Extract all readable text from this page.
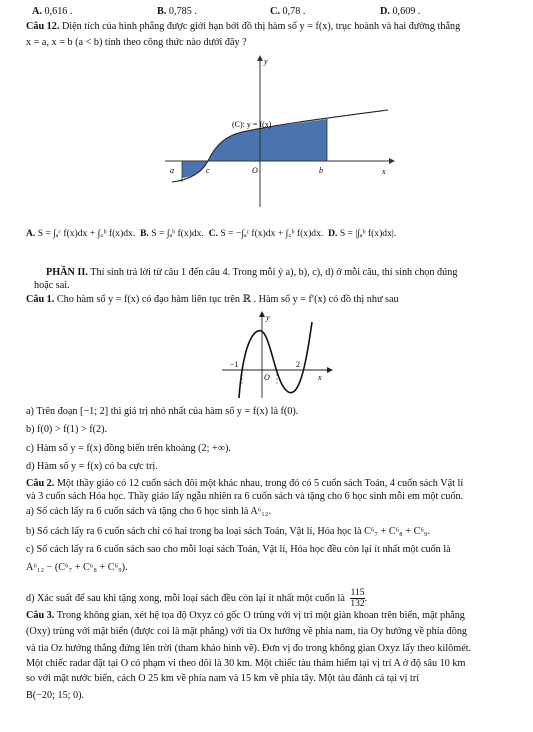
A. 0,616 .	B. 0,785 .	C. 0,78 .	D. 0,609 .
Câu 12. Diện tích của hình phẳng được giới hạn bởi đồ thị hàm số y = f(x), trục hoành và hai đường thẳng
x = a, x = b (a < b) tính theo công thức nào dưới đây ?
y
x
(C): y = f(x)
a	c	O	b
A. S = ∫ₐᶜ f(x)dx + ∫꜀ᵇ f(x)dx. B. S = ∫ₐᵇ f(x)dx. C. S = −∫ₐᶜ f(x)dx + ∫꜀ᵇ f(x)dx. D. S = |∫ₐᵇ f(x)dx|.
PHẦN II. Thí sinh trả lời từ câu 1 đến câu 4. Trong mỗi ý a), b), c), d) ở mỗi câu, thí sinh chọn đúng
hoặc sai.
Câu 1. Cho hàm số y = f(x) có đạo hàm liên tục trên ℝ . Hàm số y = f′(x) có đồ thị như sau
−1	2
O
y
x
a) Trên đoạn [−1; 2] thì giá trị nhỏ nhất của hàm số y = f(x) là f(0).
b) f(0) > f(1) > f(2).
c) Hàm số y = f(x) đồng biến trên khoảng (2; +∞).
d) Hàm số y = f(x) có ba cực trị.
Câu 2. Một thầy giáo có 12 cuốn sách đôi một khác nhau, trong đó có 5 cuốn sách Toán, 4 cuốn sách Vật lí
và 3 cuốn sách Hóa học. Thầy giáo lấy ngẫu nhiên ra 6 cuốn sách và tặng cho 6 học sinh mỗi em một cuốn.
a) Số cách lấy ra 6 cuốn sách và tặng cho 6 học sinh là A⁶₁₂.
b) Số cách lấy ra 6 cuốn sách chỉ có hai trong ba loại sách Toán, Vật lí, Hóa học là C⁶₇ + C⁶₈ + C⁶₉.
c) Số cách lấy ra 6 cuốn sách sao cho mỗi loại sách Toán, Vật lí, Hóa học đều còn lại ít nhất một cuốn là
A⁶₁₂ − (C⁶₇ + C⁶₈ + C⁶₉).
d) Xác suất để sau khi tặng xong, mỗi loại sách đều còn lại ít nhất một cuốn là $\frac{115}{132}$ .
Câu 3. Trong không gian, xét hệ tọa độ Oxyz có gốc O trùng với vị trí một giàn khoan trên biển, mặt phẳng
(Oxy) trùng với mặt biển (được coi là mặt phẳng) với tia Ox hướng về phía nam, tia Oy hướng về phía đông
và tia Oz hướng thẳng đứng lên trời (tham khảo hình vẽ). Đơn vị đo trong không gian Oxyz lấy theo kilômét.
Một chiếc radar đặt tại O có phạm vi theo dõi là 30 km. Một chiếc tàu thám hiểm tại vị trí A ở độ sâu 10 km
so với mặt nước biển, cách O 25 km về phía nam và 15 km về phía tây. Một tàu đánh cá tại vị trí
B(−20; 15; 0).
